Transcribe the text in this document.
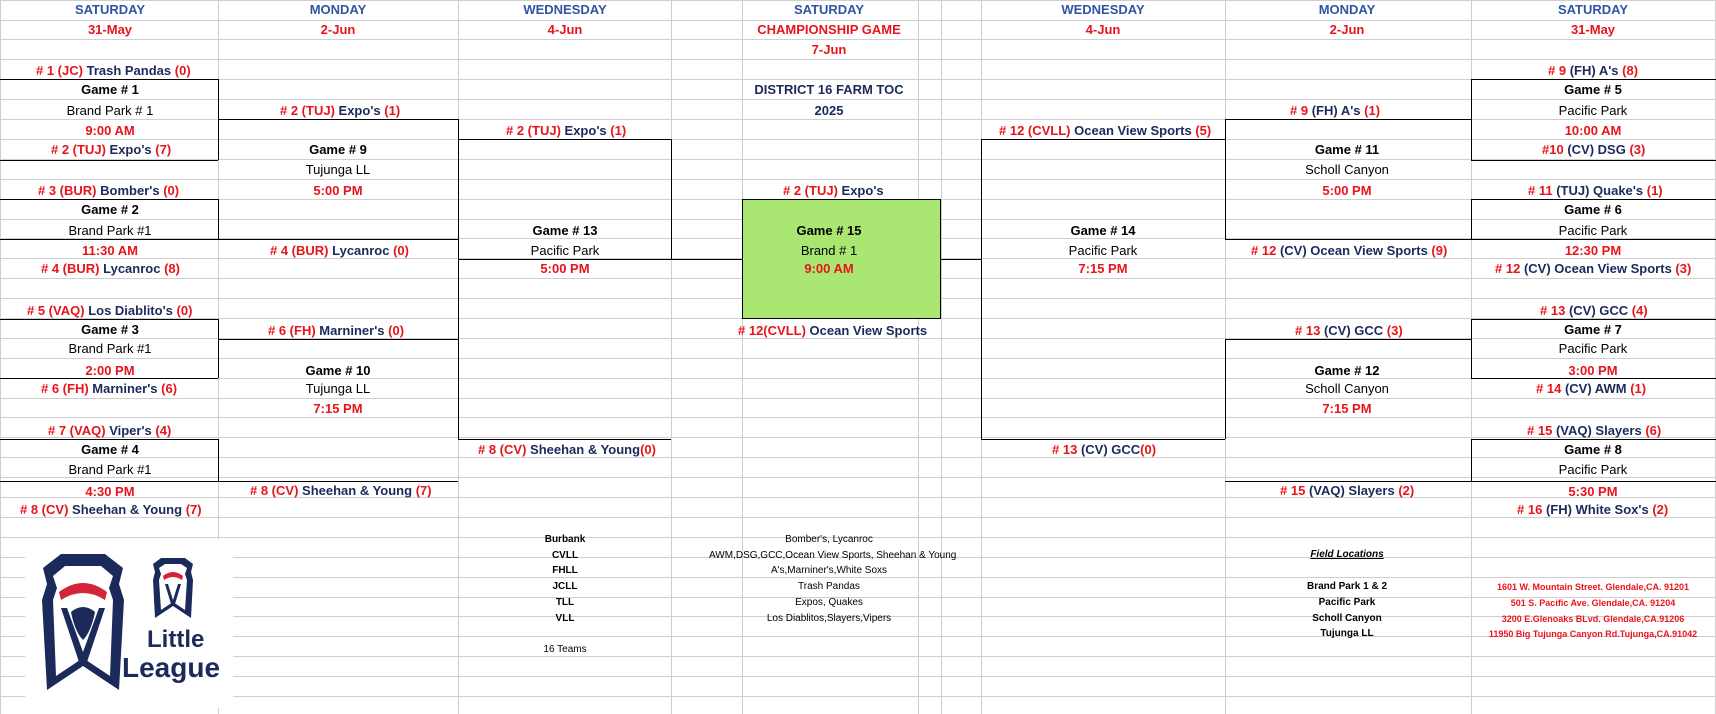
SATURDAY
31-May
MONDAY
2-Jun
WEDNESDAY
4-Jun
SATURDAY
CHAMPIONSHIP GAME
7-Jun
WEDNESDAY
4-Jun
MONDAY
2-Jun
SATURDAY
31-May
DISTRICT 16 FARM TOC
2025
# 1 (JC) Trash Pandas (0)
Game # 1
Brand Park # 1
9:00 AM
# 2 (TUJ) Expo's (7)
# 3 (BUR) Bomber's (0)
Game # 2
Brand Park #1
11:30 AM
# 4 (BUR) Lycanroc (8)
# 5 (VAQ) Los Diablito's (0)
Game # 3
Brand Park #1
2:00 PM
# 6 (FH) Marniner's (6)
# 7 (VAQ) Viper's (4)
Game # 4
Brand Park #1
4:30 PM
# 8 (CV) Sheehan & Young (7)
# 2 (TUJ) Expo's (1)
Game # 9
Tujunga LL
5:00 PM
# 4 (BUR) Lycanroc (0)
# 6 (FH) Marniner's (0)
Game # 10
Tujunga LL
7:15 PM
# 8 (CV) Sheehan & Young (7)
# 2 (TUJ) Expo's (1)
Game # 13
Pacific Park
5:00 PM
# 8 (CV) Sheehan & Young(0)
# 2 (TUJ) Expo's
Game # 15
Brand # 1
9:00 AM
# 12(CVLL) Ocean View Sports
# 12 (CVLL) Ocean View Sports (5)
Game # 14
Pacific Park
7:15 PM
# 13 (CV) GCC(0)
# 9 (FH) A's (1)
Game # 11
Scholl Canyon
5:00 PM
# 12 (CV) Ocean View Sports (9)
# 13 (CV) GCC (3)
Game # 12
Scholl Canyon
7:15 PM
# 15 (VAQ) Slayers (2)
# 9 (FH) A's (8)
Game # 5
Pacific Park
10:00 AM
#10 (CV) DSG (3)
# 11 (TUJ) Quake's (1)
Game # 6
Pacific Park
12:30 PM
# 12 (CV) Ocean View Sports (3)
# 13 (CV) GCC (4)
Game # 7
Pacific Park
3:00 PM
# 14 (CV) AWM (1)
# 15 (VAQ) Slayers (6)
Game # 8
Pacific Park
5:30 PM
# 16 (FH) White Sox's (2)
Burbank	Bomber's, Lycanroc
CVLL	AWM,DSG,GCC,Ocean View Sports, Sheehan & Young
FHLL	A's,Marniner's,White Soxs
JCLL	Trash Pandas
TLL	Expos, Quakes
VLL	Los Diablitos,Slayers,Vipers
16 Teams
Field Locations
Brand Park 1 & 2	1601 W. Mountain Street. Glendale,CA. 91201
Pacific Park	501 S. Pacific Ave. Glendale,CA. 91204
Scholl Canyon	3200 E.Glenoaks BLvd. Glendale,CA.91206
Tujunga LL	11950 Big Tujunga Canyon Rd.Tujunga,CA.91042
Little
League
